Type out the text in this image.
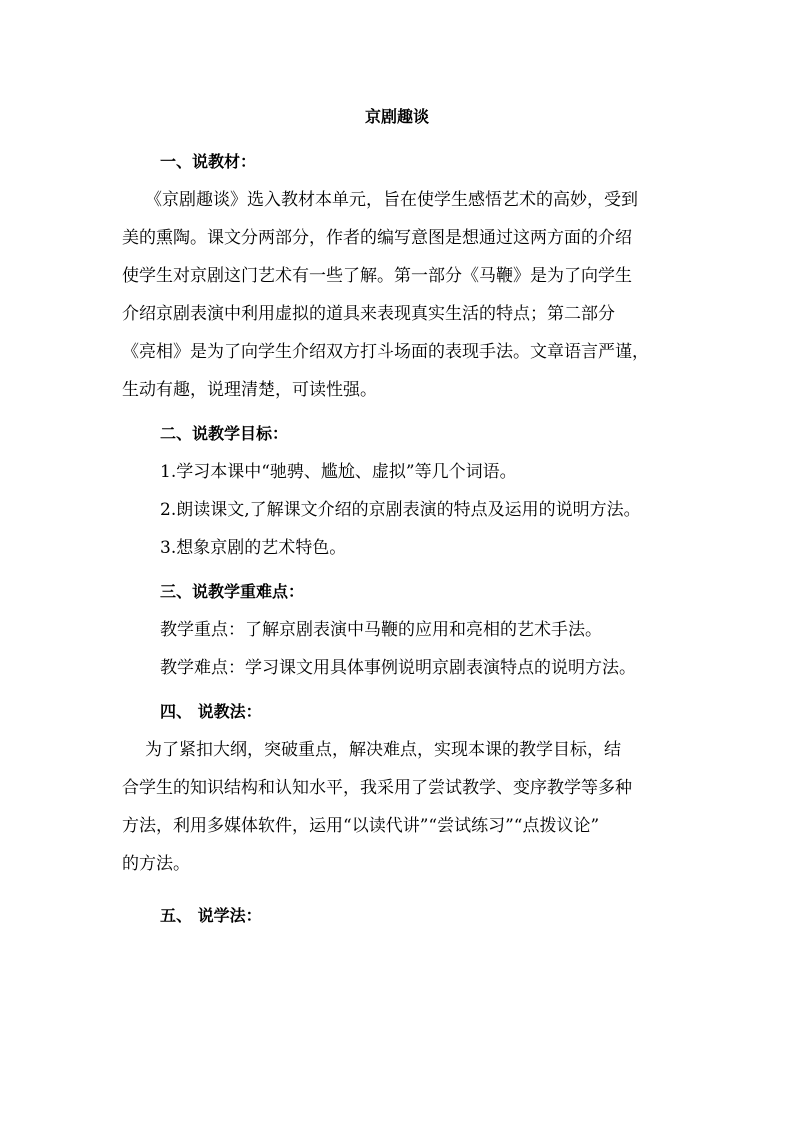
京剧趣谈
一、说教材：
《京剧趣谈》选入教材本单元，旨在使学生感悟艺术的高妙，受到
美的熏陶。课文分两部分，作者的编写意图是想通过这两方面的介绍
使学生对京剧这门艺术有一些了解。第一部分《马鞭》是为了向学生
介绍京剧表演中利用虚拟的道具来表现真实生活的特点；第二部分
《亮相》是为了向学生介绍双方打斗场面的表现手法。文章语言严谨，
生动有趣，说理清楚，可读性强。
二、说教学目标：
1.学习本课中“驰骋、尴尬、虚拟”等几个词语。
2.朗读课文,了解课文介绍的京剧表演的特点及运用的说明方法。
3.想象京剧的艺术特色。
三、说教学重难点：
教学重点：了解京剧表演中马鞭的应用和亮相的艺术手法。
教学难点：学习课文用具体事例说明京剧表演特点的说明方法。
四、 说教法：
为了紧扣大纲，突破重点，解决难点，实现本课的教学目标，结
合学生的知识结构和认知水平，我采用了尝试教学、变序教学等多种
方法，利用多媒体软件，运用“以读代讲”“尝试练习”“点拨议论”
的方法。
五、 说学法：
